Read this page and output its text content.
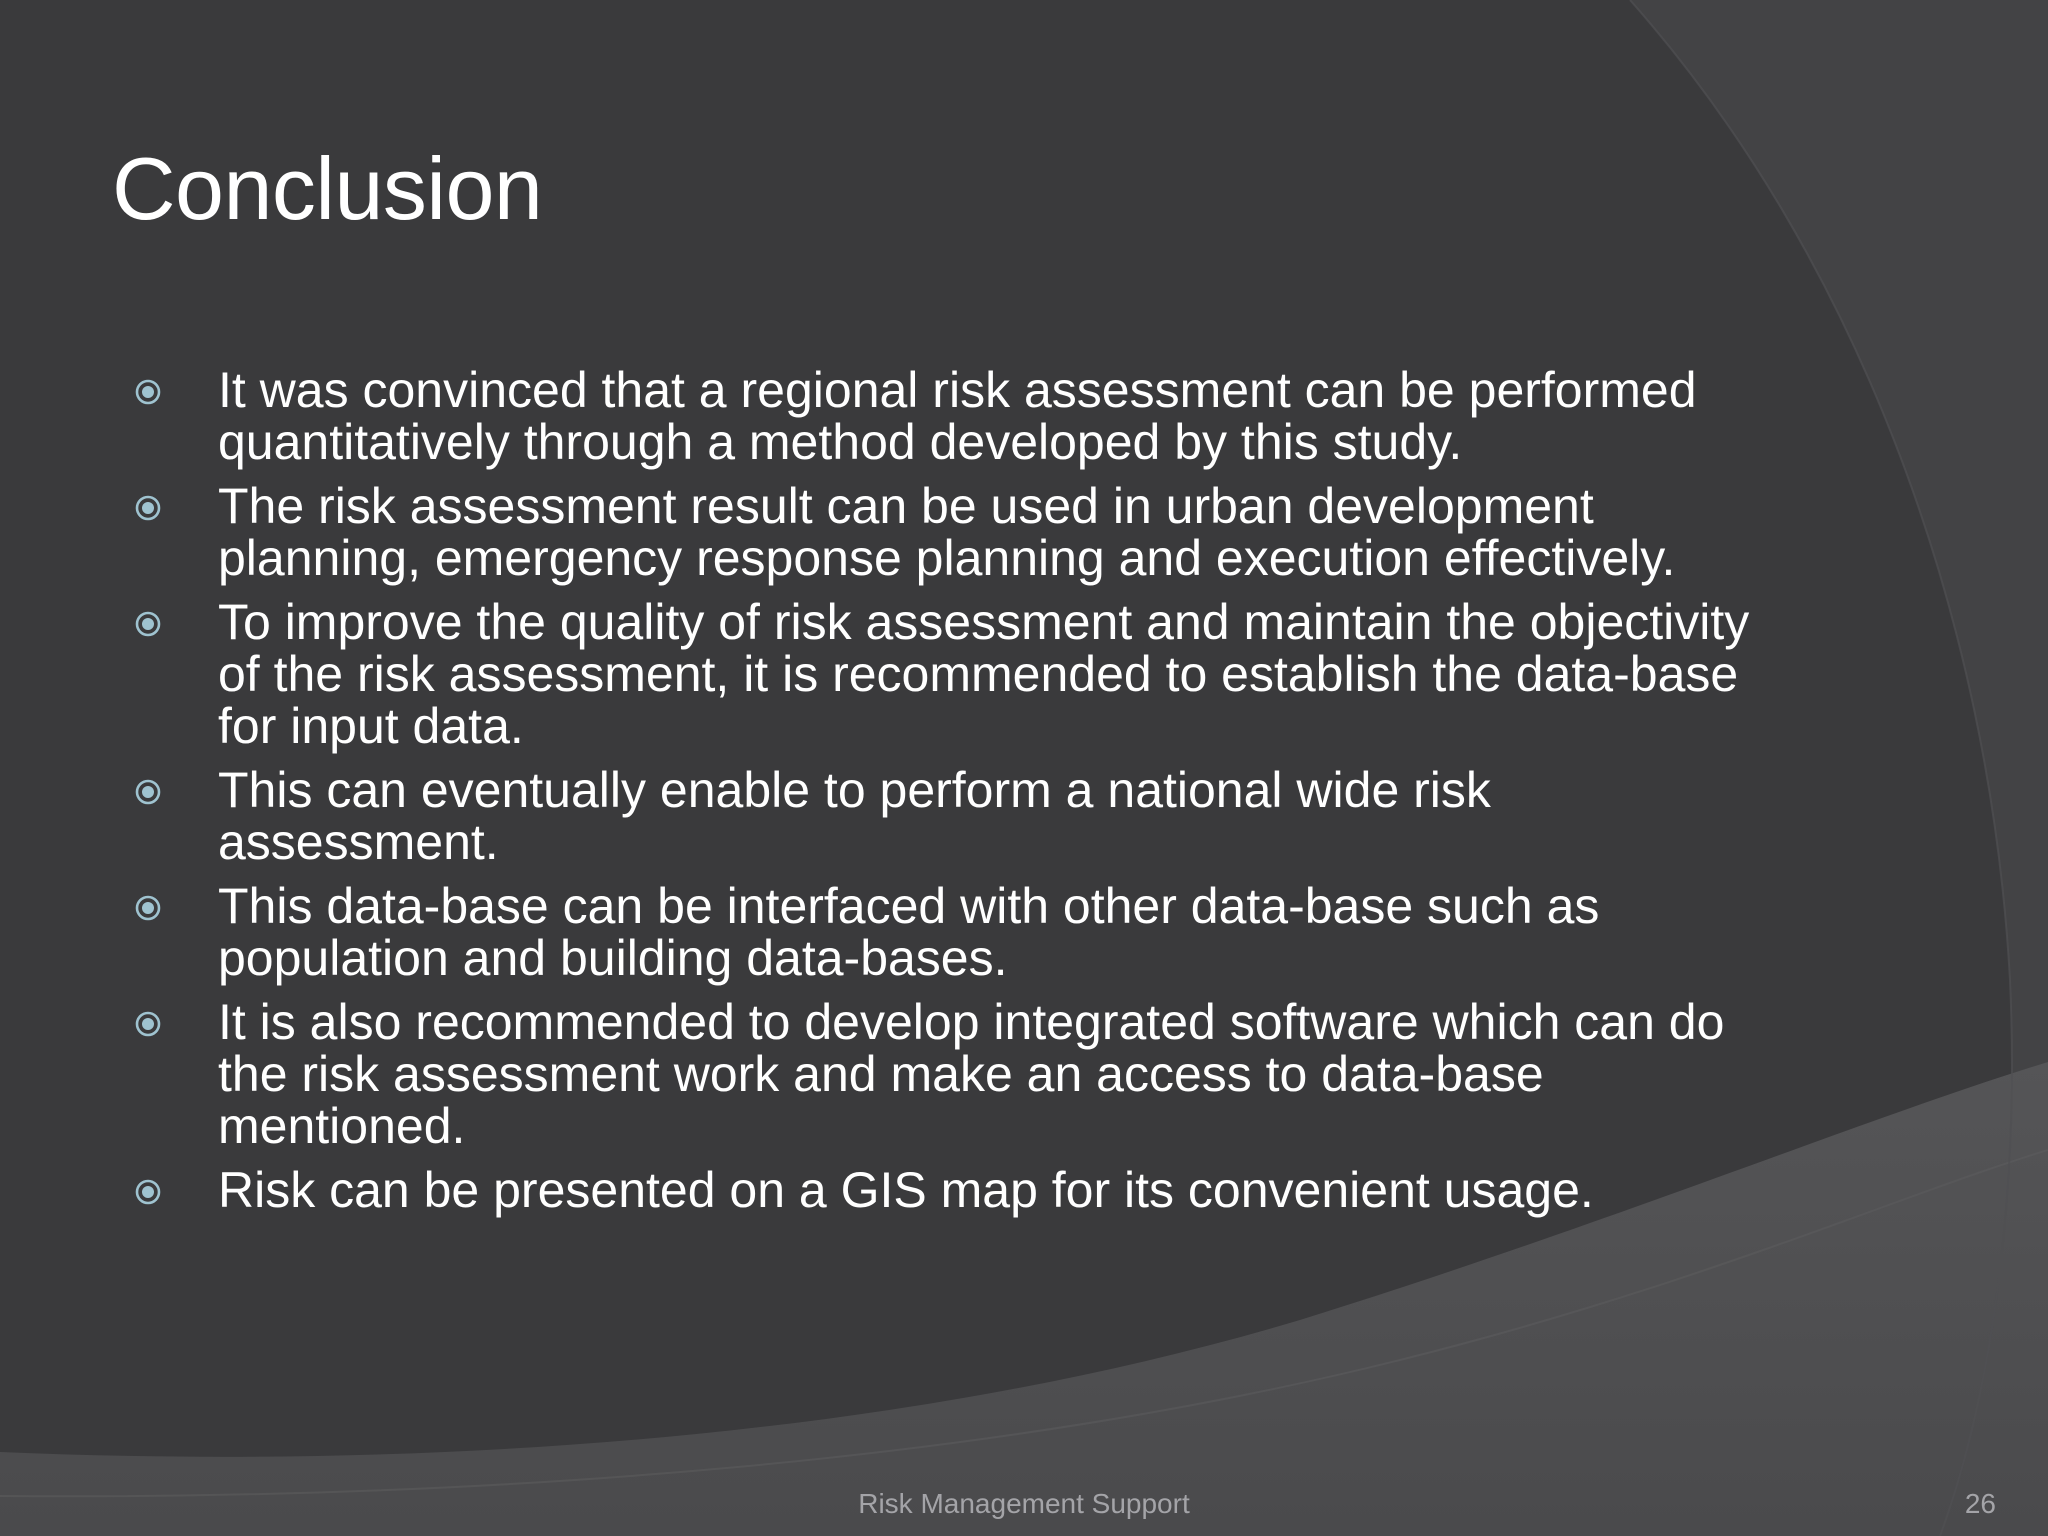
Conclusion
It was convinced that a regional risk assessment can be performed quantitatively through a method developed by this study.
The risk assessment result can be used in urban development planning, emergency response planning and execution effectively.
To improve the quality of risk assessment and maintain the objectivity of the risk assessment, it is recommended to establish the data-base for input data.
This can eventually enable to perform a national wide risk assessment.
This data-base can be interfaced with other data-base such as population and building data-bases.
It is also recommended to develop integrated software which can do the risk assessment work and make an access to data-base mentioned.
Risk can be presented on a GIS map for its convenient usage.
Risk Management Support	26
